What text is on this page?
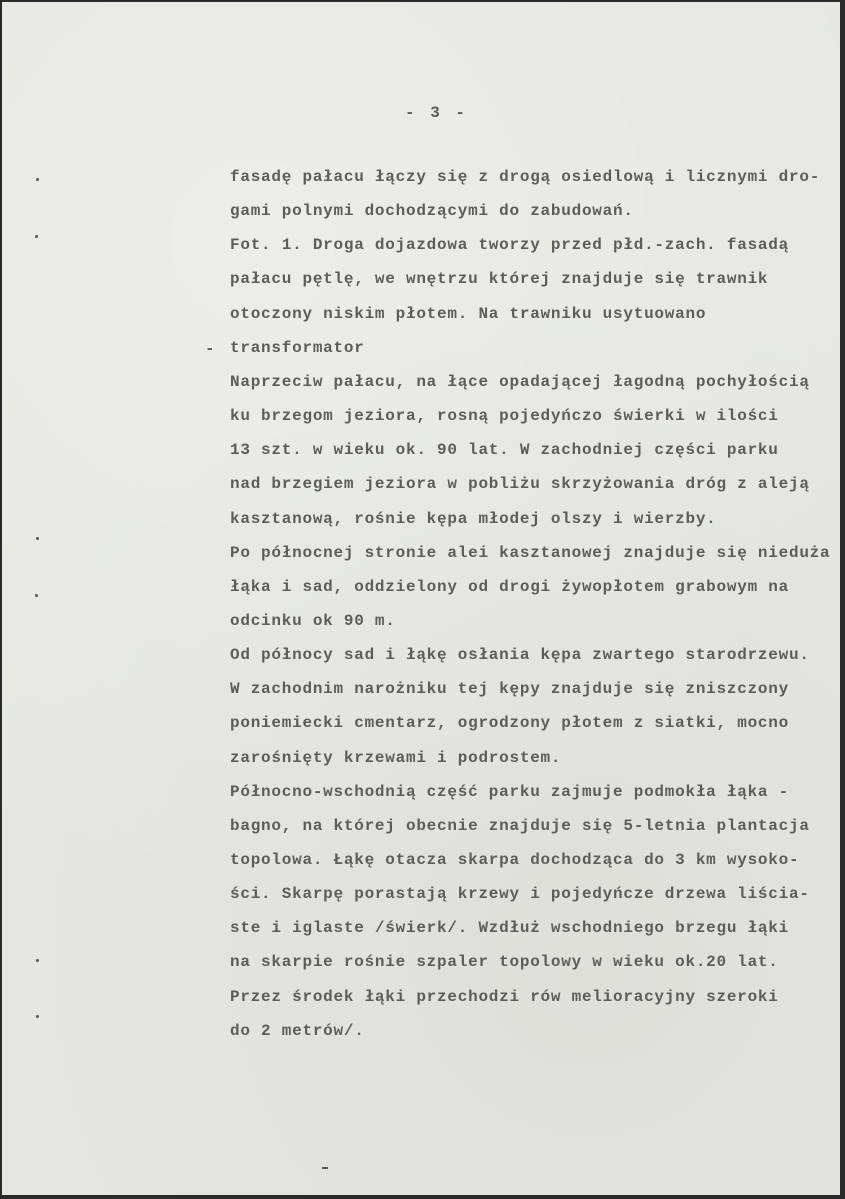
- 3 -
fasadę pałacu łączy się z drogą osiedlową i licznymi dro-
gami polnymi dochodzącymi do zabudowań.
Fot. 1. Droga dojazdowa tworzy przed płd.-zach. fasadą
pałacu pętlę, we wnętrzu której znajduje się trawnik
otoczony niskim płotem. Na trawniku usytuowano
transformator
Naprzeciw pałacu, na łące opadającej łagodną pochyłością
ku brzegom jeziora, rosną pojedyńczo świerki w ilości
13 szt. w wieku ok. 90 lat. W zachodniej części parku
nad brzegiem jeziora w pobliżu skrzyżowania dróg z aleją
kasztanową, rośnie kępa młodej olszy i wierzby.
Po północnej stronie alei kasztanowej znajduje się nieduża
łąka i sad, oddzielony od drogi żywopłotem grabowym na
odcinku ok 90 m.
Od północy sad i łąkę osłania kępa zwartego starodrzewu.
W zachodnim narożniku tej kępy znajduje się zniszczony
poniemiecki cmentarz, ogrodzony płotem z siatki, mocno
zarośnięty krzewami i podrostem.
Północno-wschodnią część parku zajmuje podmokła łąka -
bagno, na której obecnie znajduje się 5-letnia plantacja
topolowa. Łąkę otacza skarpa dochodząca do 3 km wysoko-
ści. Skarpę porastają krzewy i pojedyńcze drzewa liścia-
ste i iglaste /świerk/. Wzdłuż wschodniego brzegu łąki
na skarpie rośnie szpaler topolowy w wieku ok.20 lat.
Przez środek łąki przechodzi rów melioracyjny szeroki
do 2 metrów/.
-
